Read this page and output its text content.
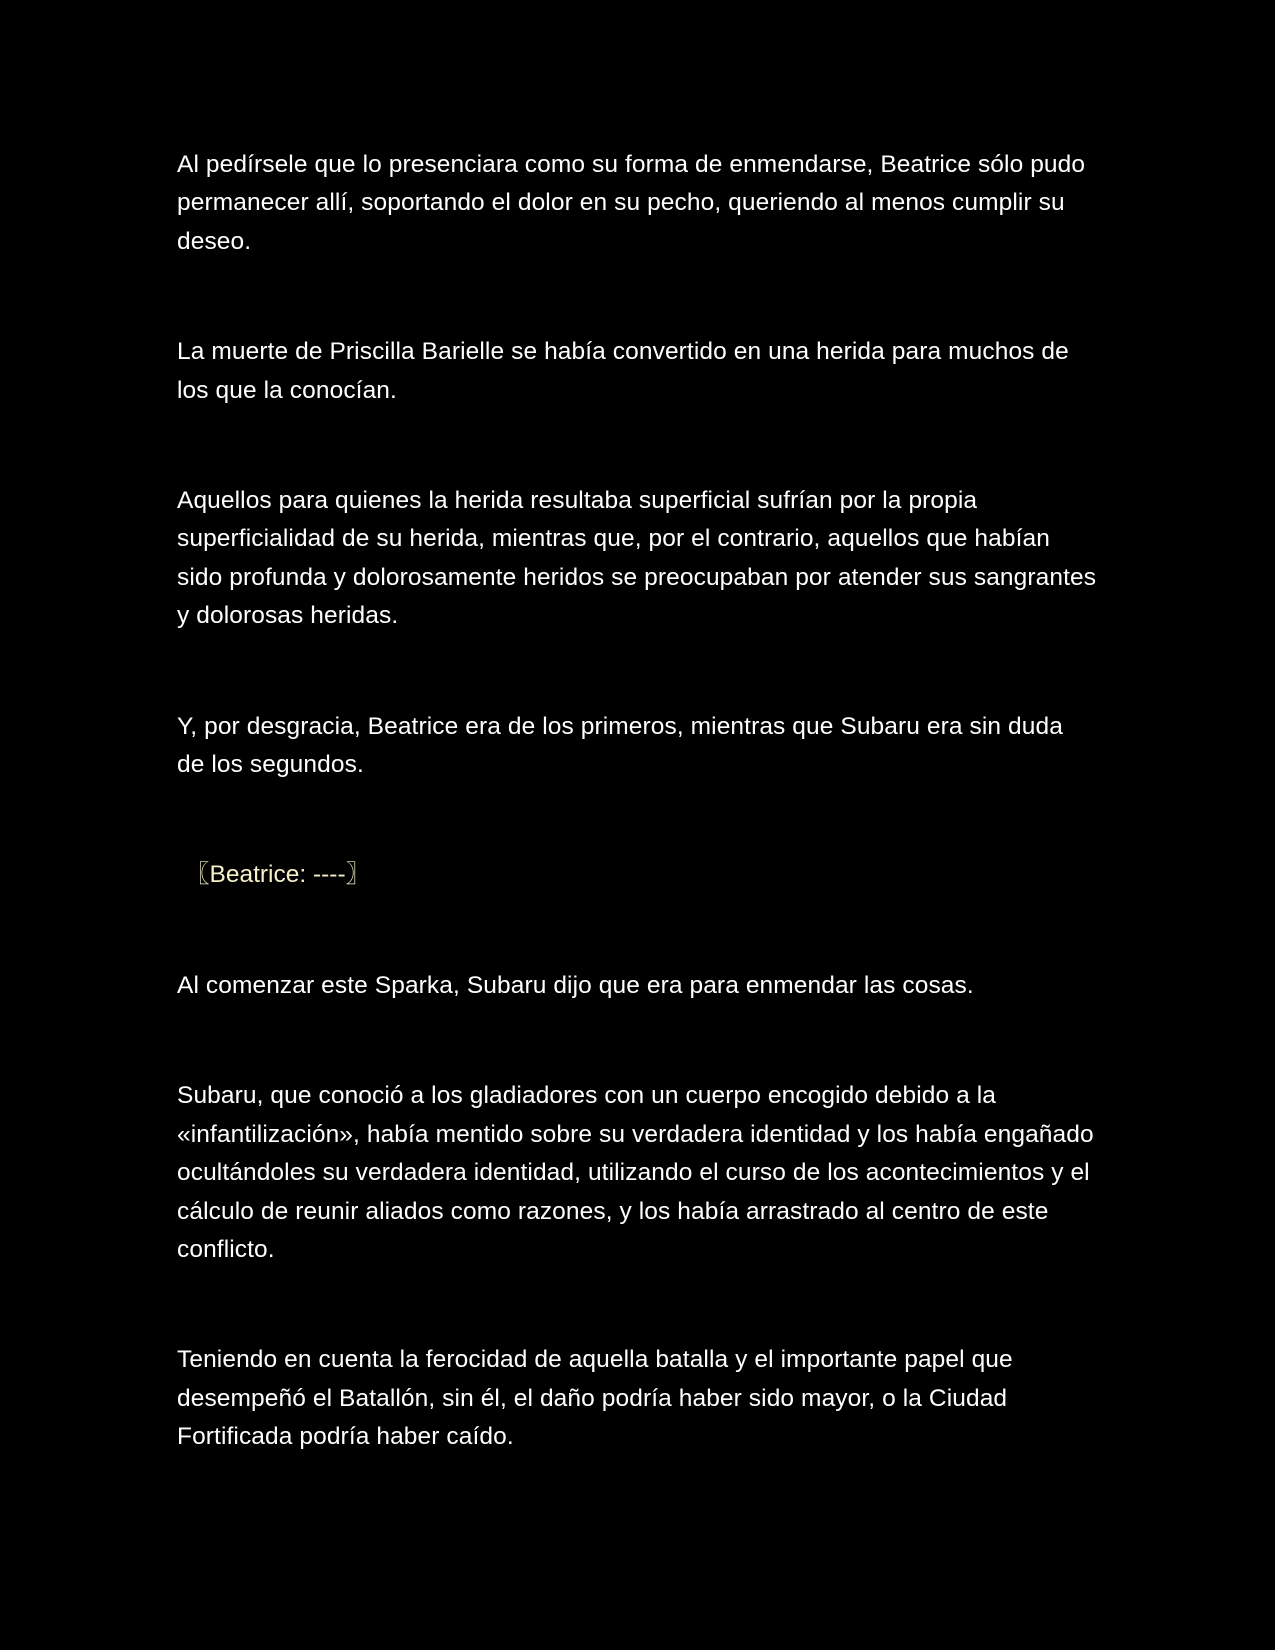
Al pedírsele que lo presenciara como su forma de enmendarse, Beatrice sólo pudo permanecer allí, soportando el dolor en su pecho, queriendo al menos cumplir su deseo.

La muerte de Priscilla Barielle se había convertido en una herida para muchos de los que la conocían.

Aquellos para quienes la herida resultaba superficial sufrían por la propia superficialidad de su herida, mientras que, por el contrario, aquellos que habían sido profunda y dolorosamente heridos se preocupaban por atender sus sangrantes y dolorosas heridas.

Y, por desgracia, Beatrice era de los primeros, mientras que Subaru era sin duda de los segundos.

〖Beatrice: ----〗

Al comenzar este Sparka, Subaru dijo que era para enmendar las cosas.

Subaru, que conoció a los gladiadores con un cuerpo encogido debido a la «infantilización», había mentido sobre su verdadera identidad y los había engañado ocultándoles su verdadera identidad, utilizando el curso de los acontecimientos y el cálculo de reunir aliados como razones, y los había arrastrado al centro de este conflicto.

Teniendo en cuenta la ferocidad de aquella batalla y el importante papel que desempeñó el Batallón, sin él, el daño podría haber sido mayor, o la Ciudad Fortificada podría haber caído.
